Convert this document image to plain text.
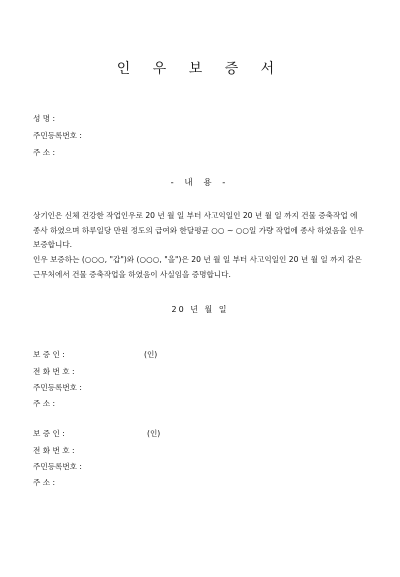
인 우 보 증 서
성 명 :
주민등록번호 :
주 소 :
- 내 용 -
상기인은 신체 건강한 작업인우로 20 년 월 일 부터 사고익일인 20 년 월 일 까지 건물 증축작업 에 종사 하였으며 하루일당 만원 정도의 급여와 한달평균 ○○ ~ ○○일 가량 작업에 종사 하였음을 인우 보증합니다.
인우 보증하는 (○○○, "갑")와 (○○○, "을")은 20 년 월 일 부터 사고익일인 20 년 월 일 까지 같은 근무처에서 건물 증축작업을 하였음이 사실임을 증명합니다.
20 년 월 일
보 증 인 :	(인)
전 화 번 호 :
주민등록번호 :
주 소 :
보 증 인 :	(인)
전 화 번 호 :
주민등록번호 :
주 소 :
